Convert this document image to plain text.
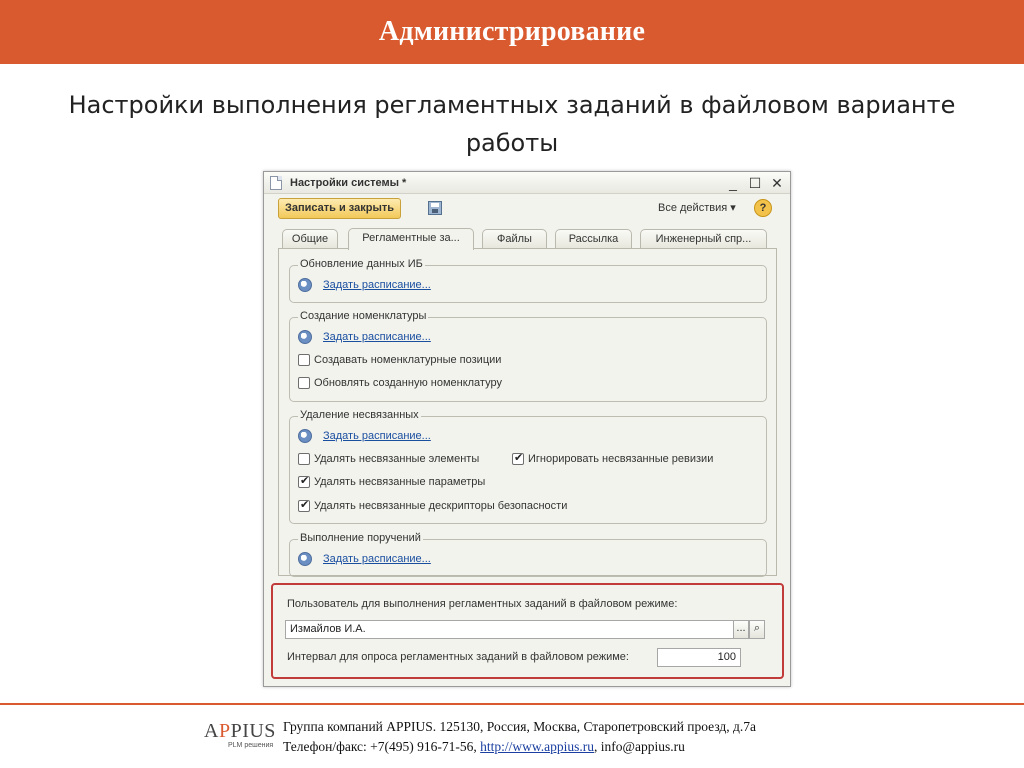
Администрирование
Настройки выполнения регламентных заданий в файловом варианте работы
Настройки системы *	_ ☐ ✕
Записать и закрыть	Все действия ▾	?
Общие	Регламентные за...	Файлы	Рассылка	Инженерный спр...
Обновление данных ИБ
Задать расписание...
Создание номенклатуры
Задать расписание...
Создавать номенклатурные позиции
Обновлять созданную номенклатуру
Удаление несвязанных
Задать расписание...
Удалять несвязанные элементы
✔	Игнорировать несвязанные ревизии
✔
Удалять несвязанные параметры
✔
Удалять несвязанные дескрипторы безопасности
Выполнение поручений
Задать расписание...
Пользователь для выполнения регламентных заданий в файловом режиме:
Измайлов И.А.	... ⌕
Интервал для опроса регламентных заданий в файловом режиме:	100
APPIUS
PLM решения
Группа компаний APPIUS. 125130, Россия, Москва, Старопетровский проезд, д.7а
Телефон/факс: +7(495) 916-71-56, http://www.appius.ru, info@appius.ru
